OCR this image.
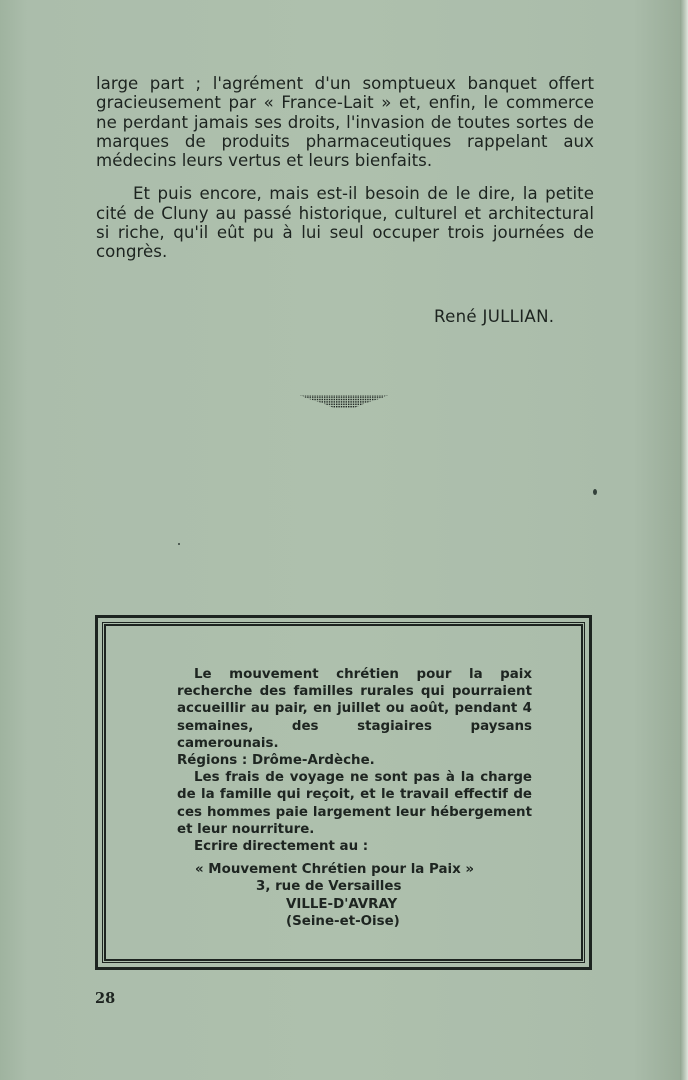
large part ; l'agrément d'un somptueux banquet offert gracieusement par « France-Lait » et, enfin, le commerce ne perdant jamais ses droits, l'invasion de toutes sortes de marques de produits pharmaceutiques rappelant aux médecins leurs vertus et leurs bienfaits.

Et puis encore, mais est-il besoin de le dire, la petite cité de Cluny au passé historique, culturel et architectural si riche, qu'il eût pu à lui seul occuper trois journées de congrès.

René JULLIAN.

Le mouvement chrétien pour la paix recherche des familles rurales qui pourraient accueillir au pair, en juillet ou août, pendant 4 semaines, des stagiaires paysans camerounais.

Régions : Drôme-Ardèche.

Les frais de voyage ne sont pas à la charge de la famille qui reçoit, et le travail effectif de ces hommes paie largement leur hébergement et leur nourriture.

Ecrire directement au :

« Mouvement Chrétien pour la Paix »

3, rue de Versailles

VILLE-D'AVRAY

(Seine-et-Oise)

28
